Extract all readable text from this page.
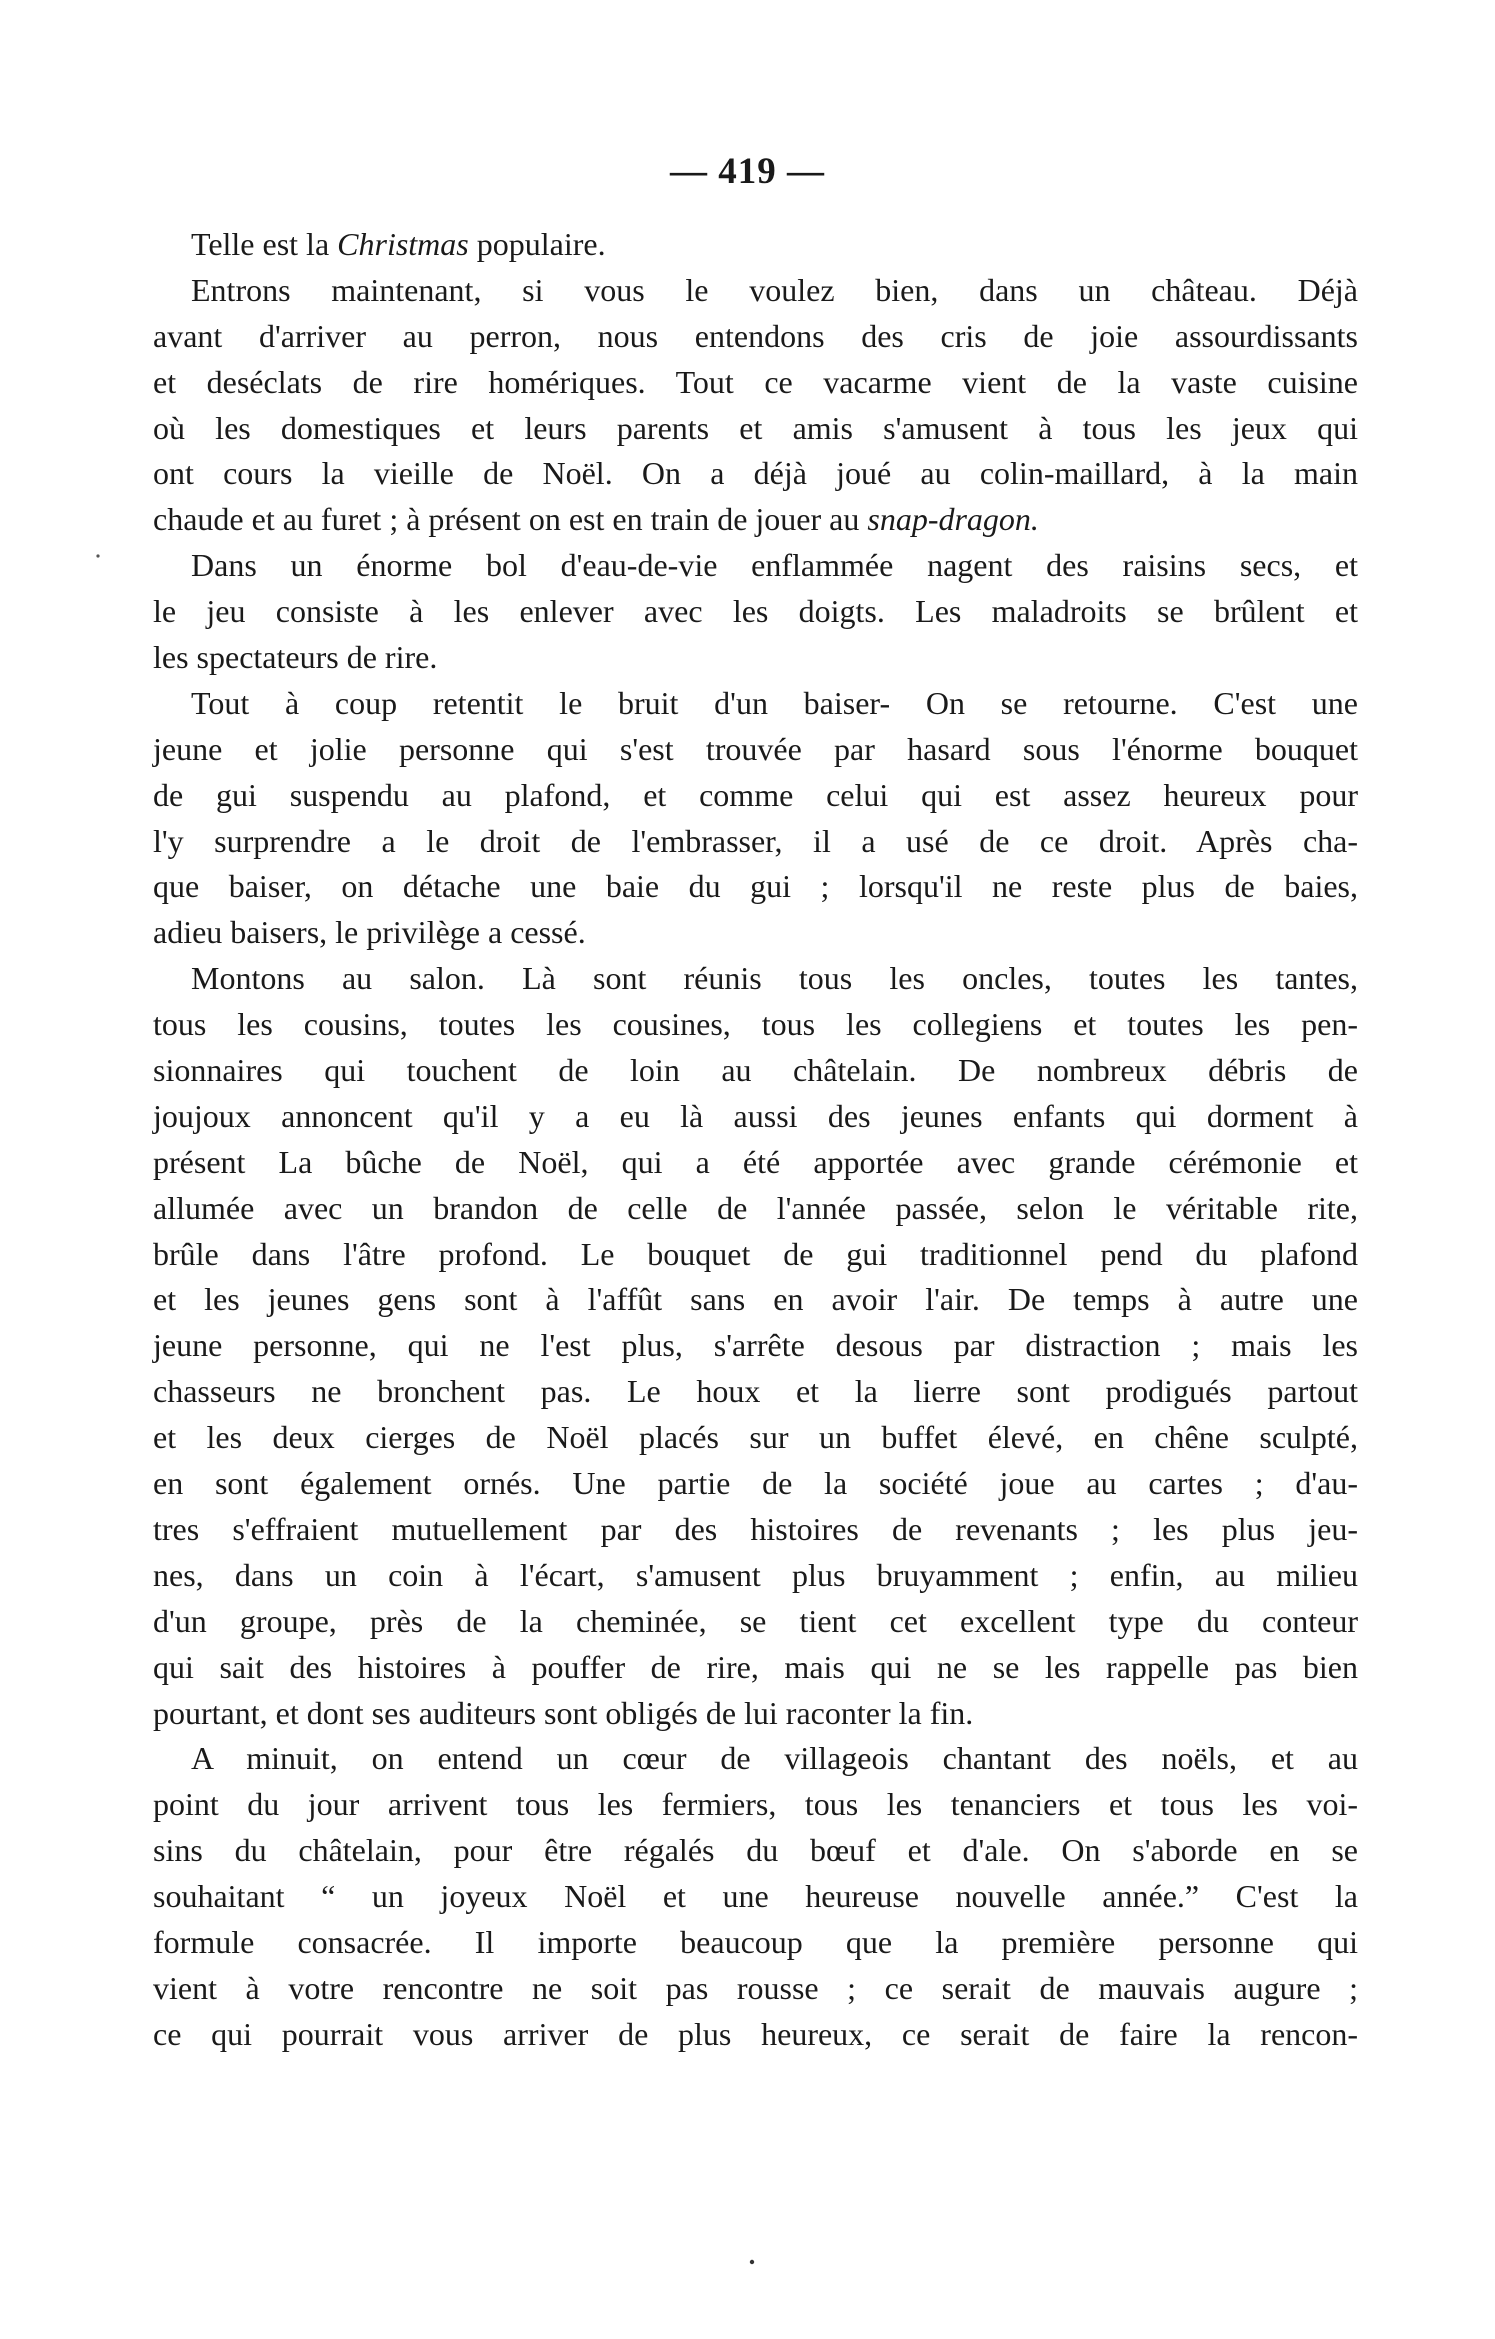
— 419 —
Telle est la Christmas populaire.
Entrons maintenant, si vous le voulez bien, dans un château. Déjà
avant d'arriver au perron, nous entendons des cris de joie assourdissants
et deséclats de rire homériques. Tout ce vacarme vient de la vaste cuisine
où les domestiques et leurs parents et amis s'amusent à tous les jeux qui
ont cours la vieille de Noël. On a déjà joué au colin-maillard, à la main
chaude et au furet ; à présent on est en train de jouer au snap-dragon.
Dans un énorme bol d'eau-de-vie enflammée nagent des raisins secs, et
le jeu consiste à les enlever avec les doigts. Les maladroits se brûlent et
les spectateurs de rire.
Tout à coup retentit le bruit d'un baiser- On se retourne. C'est une
jeune et jolie personne qui s'est trouvée par hasard sous l'énorme bouquet
de gui suspendu au plafond, et comme celui qui est assez heureux pour
l'y surprendre a le droit de l'embrasser, il a usé de ce droit. Après cha-
que baiser, on détache une baie du gui ; lorsqu'il ne reste plus de baies,
adieu baisers, le privilège a cessé.
Montons au salon. Là sont réunis tous les oncles, toutes les tantes,
tous les cousins, toutes les cousines, tous les collegiens et toutes les pen-
sionnaires qui touchent de loin au châtelain. De nombreux débris de
joujoux annoncent qu'il y a eu là aussi des jeunes enfants qui dorment à
présent La bûche de Noël, qui a été apportée avec grande cérémonie et
allumée avec un brandon de celle de l'année passée, selon le véritable rite,
brûle dans l'âtre profond. Le bouquet de gui traditionnel pend du plafond
et les jeunes gens sont à l'affût sans en avoir l'air. De temps à autre une
jeune personne, qui ne l'est plus, s'arrête desous par distraction ; mais les
chasseurs ne bronchent pas. Le houx et la lierre sont prodigués partout
et les deux cierges de Noël placés sur un buffet élevé, en chêne sculpté,
en sont également ornés. Une partie de la société joue au cartes ; d'au-
tres s'effraient mutuellement par des histoires de revenants ; les plus jeu-
nes, dans un coin à l'écart, s'amusent plus bruyamment ; enfin, au milieu
d'un groupe, près de la cheminée, se tient cet excellent type du conteur
qui sait des histoires à pouffer de rire, mais qui ne se les rappelle pas bien
pourtant, et dont ses auditeurs sont obligés de lui raconter la fin.
A minuit, on entend un cœur de villageois chantant des noëls, et au
point du jour arrivent tous les fermiers, tous les tenanciers et tous les voi-
sins du châtelain, pour être régalés du bœuf et d'ale. On s'aborde en se
souhaitant “ un joyeux Noël et une heureuse nouvelle année.” C'est la
formule consacrée. Il importe beaucoup que la première personne qui
vient à votre rencontre ne soit pas rousse ; ce serait de mauvais augure ;
ce qui pourrait vous arriver de plus heureux, ce serait de faire la rencon-
